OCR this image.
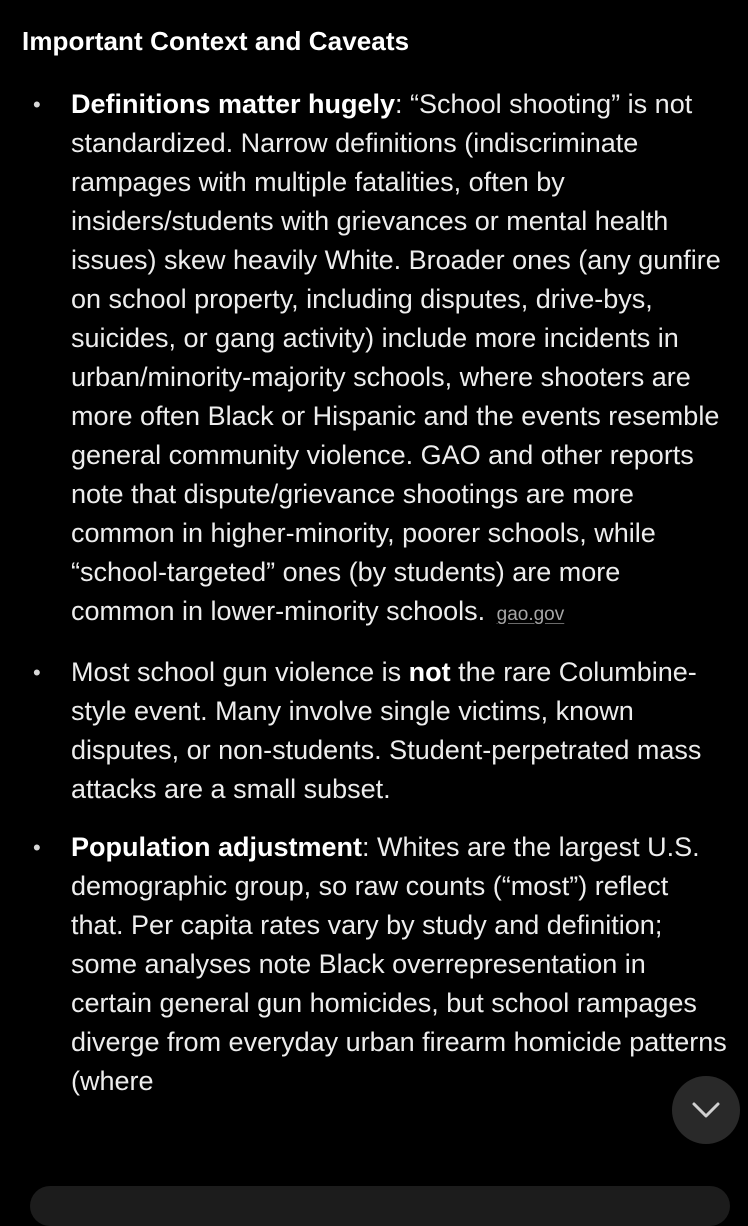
Important Context and Caveats
• Definitions matter hugely: “School shooting” is not standardized. Narrow definitions (indiscriminate rampages with multiple fatalities, often by insiders/students with grievances or mental health issues) skew heavily White. Broader ones (any gunfire on school property, including disputes, drive-bys, suicides, or gang activity) include more incidents in urban/minority-majority schools, where shooters are more often Black or Hispanic and the events resemble general community violence. GAO and other reports note that dispute/grievance shootings are more common in higher-minority, poorer schools, while “school-targeted” ones (by students) are more common in lower-minority schools. gao.gov
• Most school gun violence is not the rare Columbine-style event. Many involve single victims, known disputes, or non-students. Student-perpetrated mass attacks are a small subset.
• Population adjustment: Whites are the largest U.S. demographic group, so raw counts (“most”) reflect that. Per capita rates vary by study and definition; some analyses note Black overrepresentation in certain general gun homicides, but school rampages diverge from everyday urban firearm homicide patterns (where
